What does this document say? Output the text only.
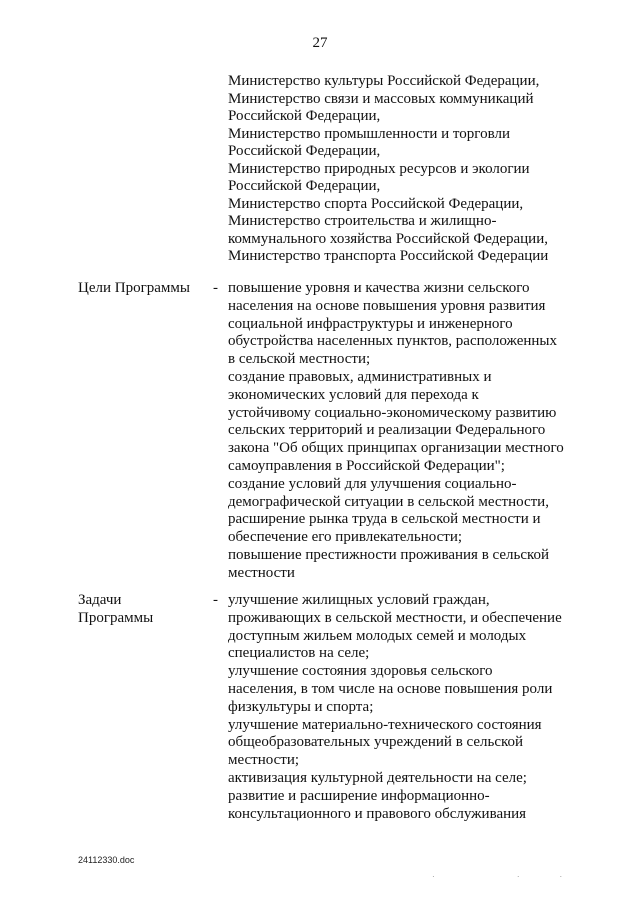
27
Министерство культуры Российской Федерации,
Министерство связи и массовых коммуникаций
Российской Федерации,
Министерство промышленности и торговли
Российской Федерации,
Министерство природных ресурсов и экологии
Российской Федерации,
Министерство спорта Российской Федерации,
Министерство строительства и жилищно-
коммунального хозяйства Российской Федерации,
Министерство транспорта Российской Федерации
Цели Программы	- повышение уровня и качества жизни сельского
населения на основе повышения уровня развития
социальной инфраструктуры и инженерного
обустройства населенных пунктов, расположенных
в сельской местности;
создание правовых, административных и
экономических условий для перехода к
устойчивому социально-экономическому развитию
сельских территорий и реализации Федерального
закона "Об общих принципах организации местного
самоуправления в Российской Федерации";
создание условий для улучшения социально-
демографической ситуации в сельской местности,
расширение рынка труда в сельской местности и
обеспечение его привлекательности;
повышение престижности проживания в сельской
местности
Задачи
Программы
- улучшение жилищных условий граждан,
проживающих в сельской местности, и обеспечение
доступным жильем молодых семей и молодых
специалистов на селе;
улучшение состояния здоровья сельского
населения, в том числе на основе повышения роли
физкультуры и спорта;
улучшение материально-технического состояния
общеобразовательных учреждений в сельской
местности;
активизация культурной деятельности на селе;
развитие и расширение информационно-
консультационного и правового обслуживания
24112330.doc
· ··
